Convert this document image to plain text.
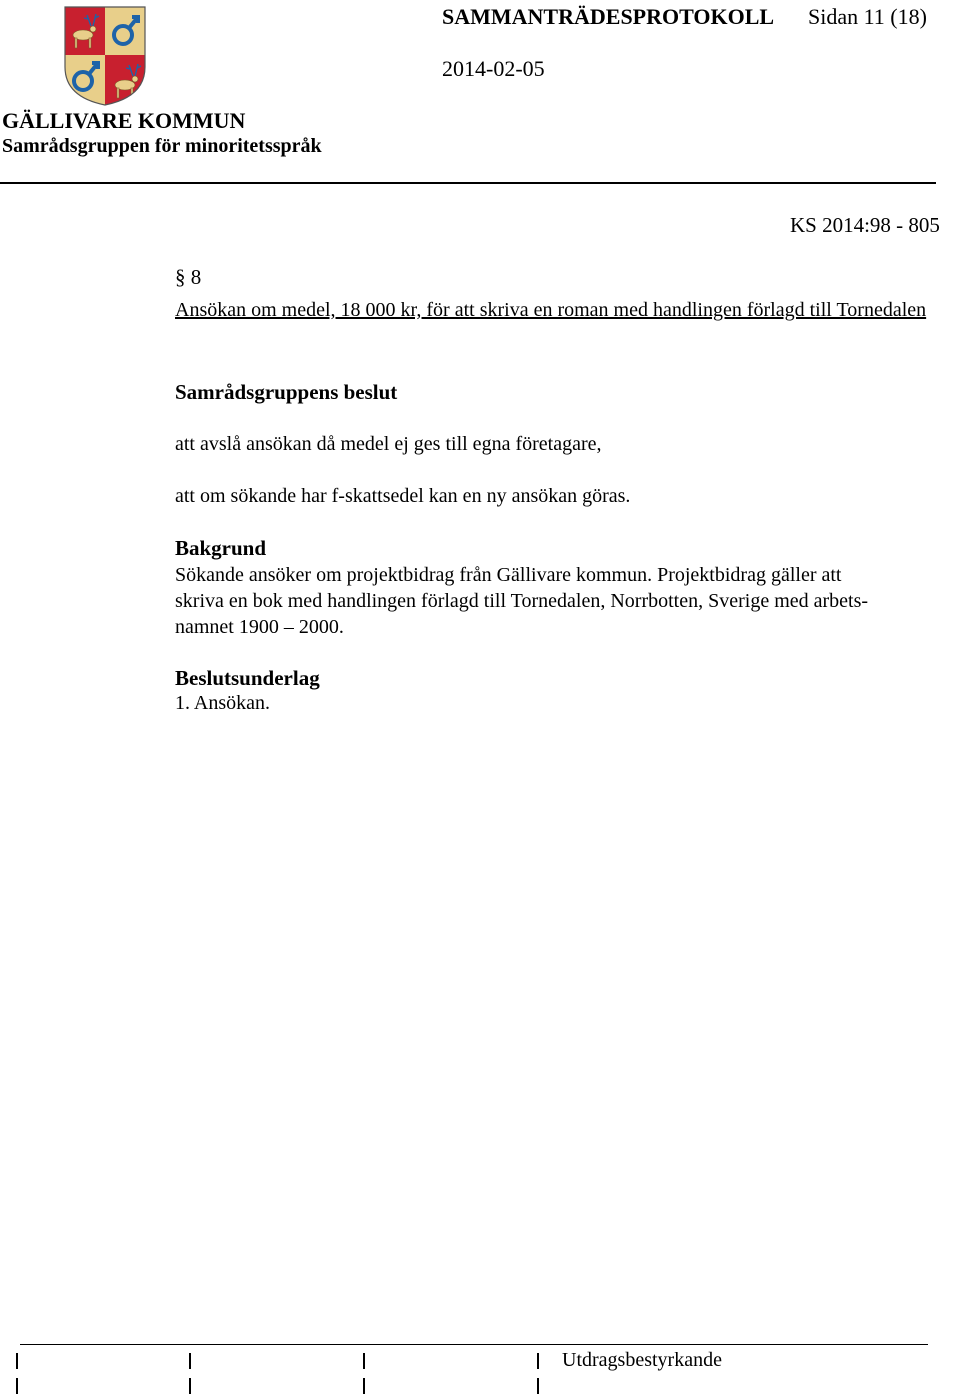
GÄLLIVARE KOMMUN
Samrådsgruppen för minoritetsspråk
SAMMANTRÄDESPROTOKOLL Sidan 11 (18)
2014-02-05
KS 2014:98 - 805
§ 8
Ansökan om medel, 18 000 kr, för att skriva en roman med handlingen förlagd till Tornedalen
Samrådsgruppens beslut
att avslå ansökan då medel ej ges till egna företagare,
att om sökande har f-skattsedel kan en ny ansökan göras.
Bakgrund
Sökande ansöker om projektbidrag från Gällivare kommun. Projektbidrag gäller att
skriva en bok med handlingen förlagd till Tornedalen, Norrbotten, Sverige med arbets-
namnet 1900 – 2000.
Beslutsunderlag
1. Ansökan.
Utdragsbestyrkande
